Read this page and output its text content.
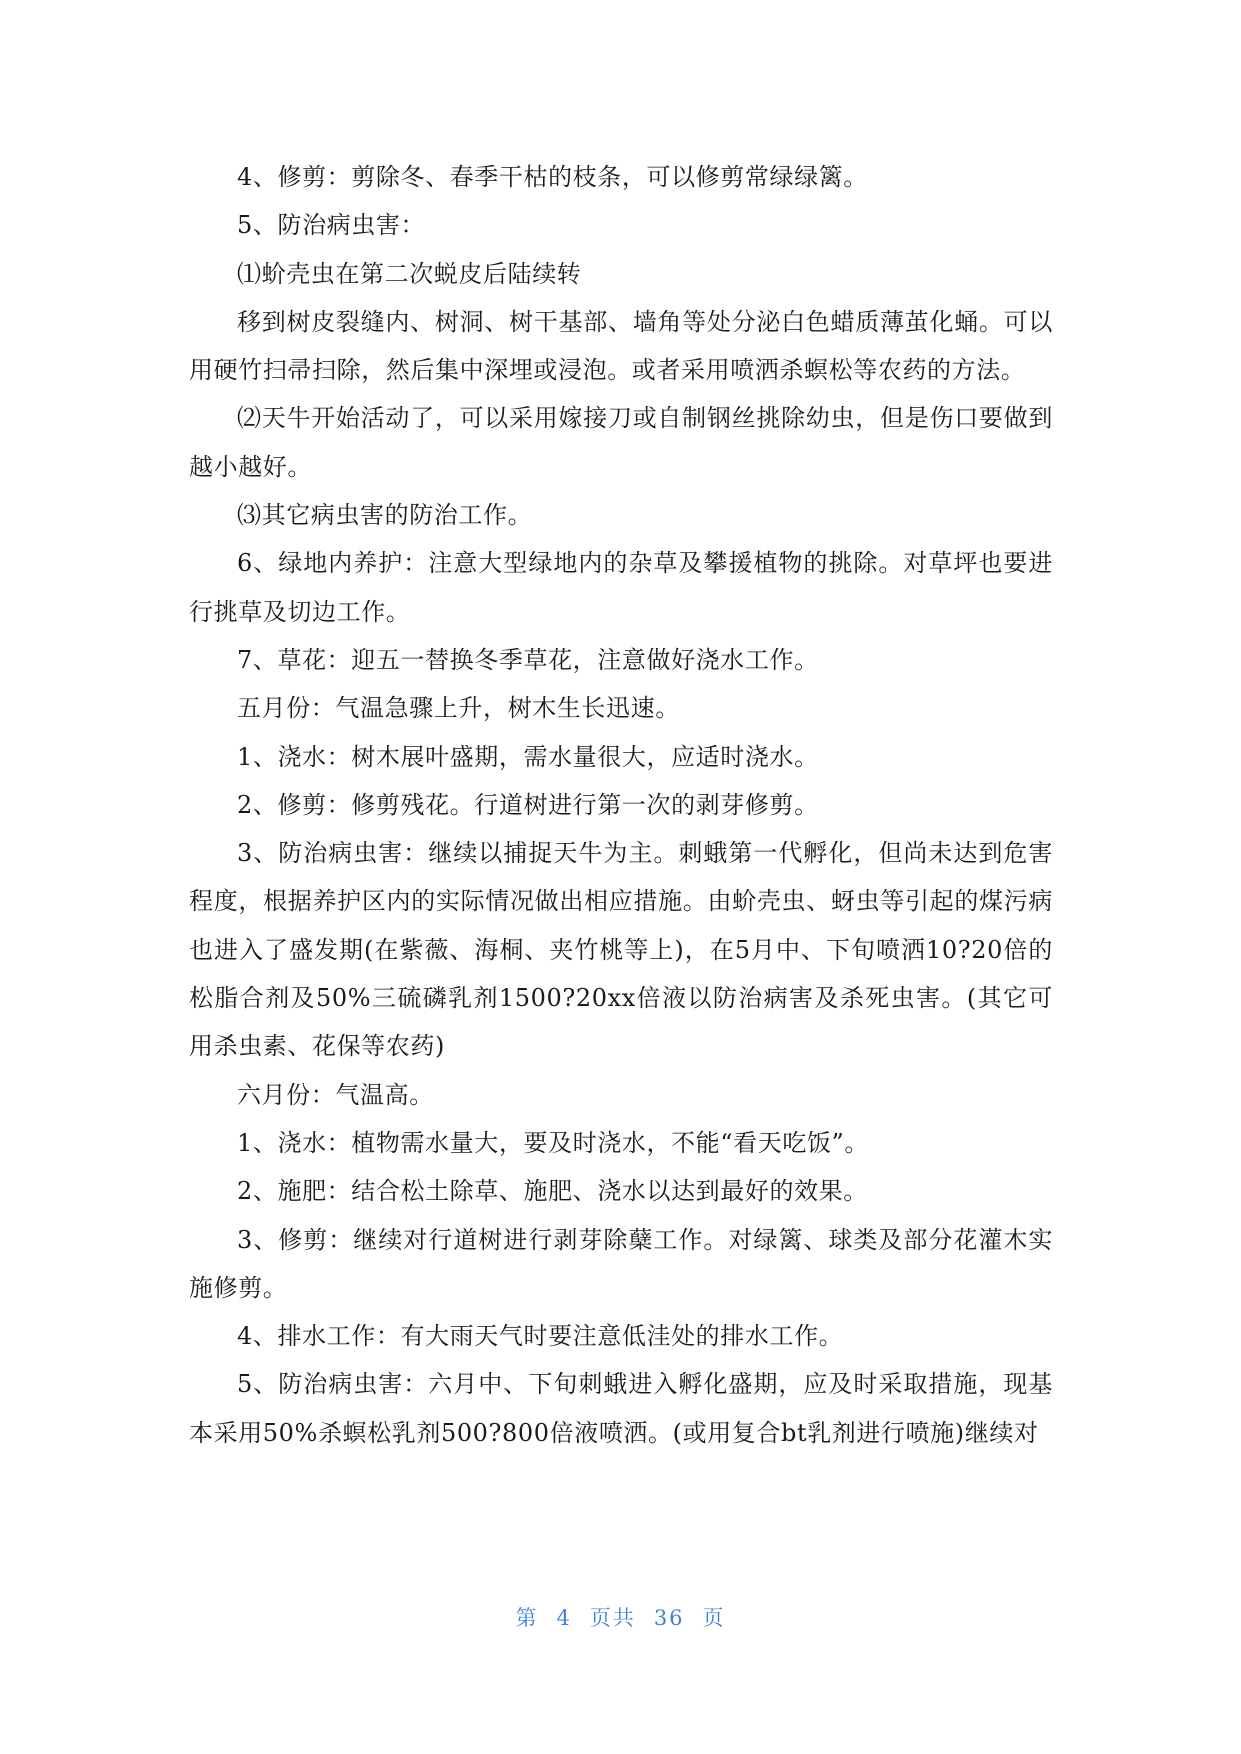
4、修剪：剪除冬、春季干枯的枝条，可以修剪常绿绿篱。

5、防治病虫害：

⑴蚧壳虫在第二次蜕皮后陆续转

移到树皮裂缝内、树洞、树干基部、墙角等处分泌白色蜡质薄茧化蛹。可以用硬竹扫帚扫除，然后集中深埋或浸泡。或者采用喷洒杀螟松等农药的方法。

⑵天牛开始活动了，可以采用嫁接刀或自制钢丝挑除幼虫，但是伤口要做到越小越好。

⑶其它病虫害的防治工作。

6、绿地内养护：注意大型绿地内的杂草及攀援植物的挑除。对草坪也要进行挑草及切边工作。

7、草花：迎五一替换冬季草花，注意做好浇水工作。

五月份：气温急骤上升，树木生长迅速。

1、浇水：树木展叶盛期，需水量很大，应适时浇水。

2、修剪：修剪残花。行道树进行第一次的剥芽修剪。

3、防治病虫害：继续以捕捉天牛为主。刺蛾第一代孵化，但尚未达到危害程度，根据养护区内的实际情况做出相应措施。由蚧壳虫、蚜虫等引起的煤污病也进入了盛发期(在紫薇、海桐、夹竹桃等上)，在5月中、下旬喷洒10?20倍的松脂合剂及50%三硫磷乳剂1500?20xx倍液以防治病害及杀死虫害。(其它可用杀虫素、花保等农药)

六月份：气温高。

1、浇水：植物需水量大，要及时浇水，不能“看天吃饭”。

2、施肥：结合松土除草、施肥、浇水以达到最好的效果。

3、修剪：继续对行道树进行剥芽除蘖工作。对绿篱、球类及部分花灌木实施修剪。

4、排水工作：有大雨天气时要注意低洼处的排水工作。

5、防治病虫害：六月中、下旬刺蛾进入孵化盛期，应及时采取措施，现基本采用50%杀螟松乳剂500?800倍液喷洒。(或用复合bt乳剂进行喷施)继续对

第 4 页共 36 页
